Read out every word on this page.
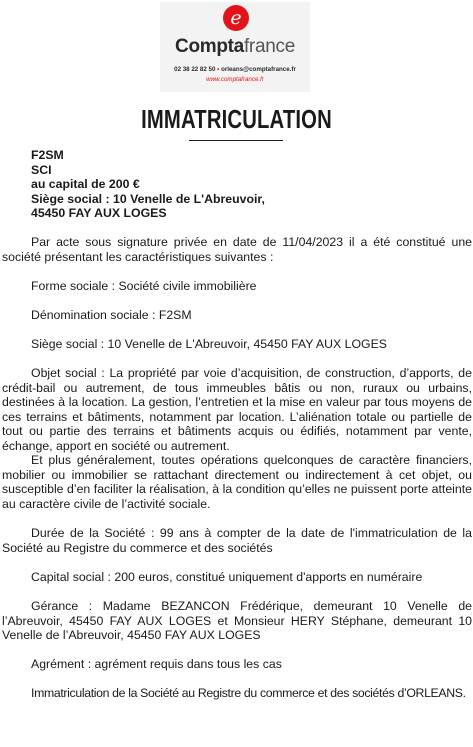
e
Comptafrance
02 38 22 82 50 • orleans@comptafrance.fr
www.comptafrance.fr
IMMATRICULATION
F2SM
SCI
au capital de 200 €
Siège social : 10 Venelle de L'Abreuvoir,
45450 FAY AUX LOGES
Par acte sous signature privée en date de 11/04/2023 il a été constitué une société présentant les caractéristiques suivantes :
Forme sociale : Société civile immobilière
Dénomination sociale : F2SM
Siège social : 10 Venelle de L'Abreuvoir, 45450 FAY AUX LOGES
Objet social : La propriété par voie d’acquisition, de construction, d’apports, de crédit-bail ou autrement, de tous immeubles bâtis ou non, ruraux ou urbains, destinées à la location. La gestion, l’entretien et la mise en valeur par tous moyens de ces terrains et bâtiments, notamment par location. L’aliénation totale ou partielle de tout ou partie des terrains et bâtiments acquis ou édifiés, notamment par vente, échange, apport en société ou autrement.
Et plus généralement, toutes opérations quelconques de caractère financiers, mobilier ou immobilier se rattachant directement ou indirectement à cet objet, ou susceptible d’en faciliter la réalisation, à la condition qu’elles ne puissent porte atteinte au caractère civile de l’activité sociale.
Durée de la Société : 99 ans à compter de la date de l'immatriculation de la Société au Registre du commerce et des sociétés
Capital social : 200 euros, constitué uniquement d'apports en numéraire
Gérance : Madame BEZANCON Frédérique, demeurant 10 Venelle de l’Abreuvoir, 45450 FAY AUX LOGES et Monsieur HERY Stéphane, demeurant 10 Venelle de l’Abreuvoir, 45450 FAY AUX LOGES
Agrément : agrément requis dans tous les cas
Immatriculation de la Société au Registre du commerce et des sociétés d’ORLEANS.
